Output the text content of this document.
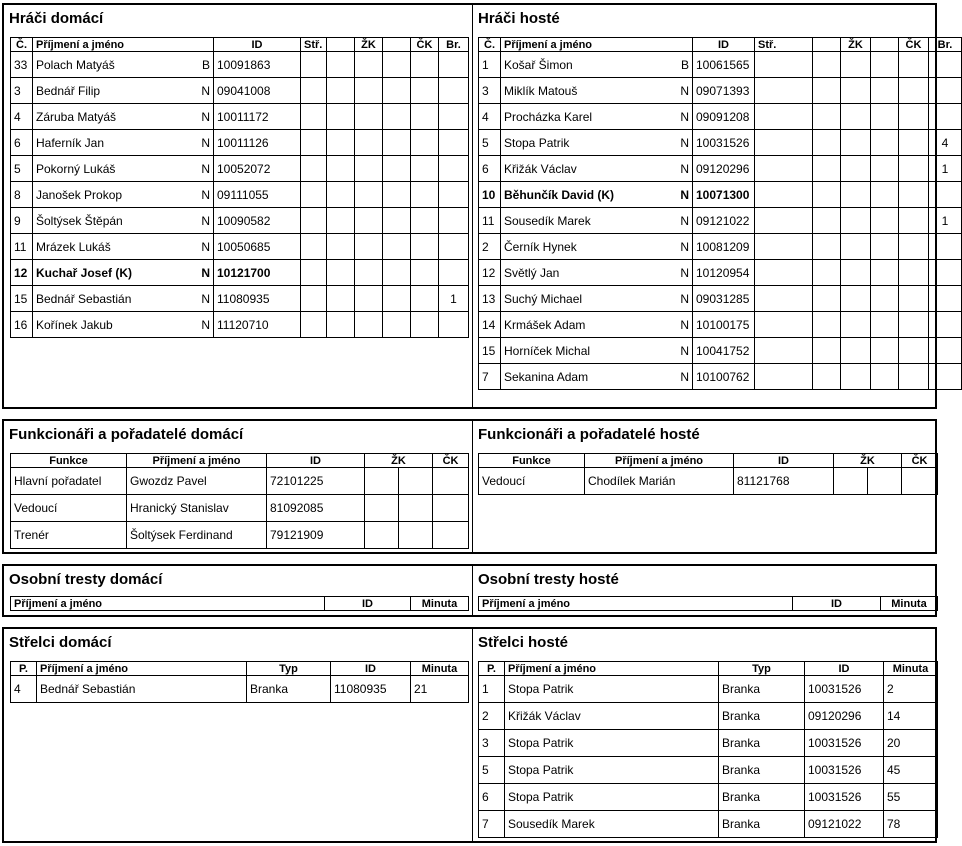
Hráči domácí
Č.	Příjmení a jméno	ID	Stř.		ŽK		ČK	Br.
33	Polach Matyáš B	10091863						
3	Bednář Filip N	09041008						
4	Záruba Matyáš N	10011172						
6	Haferník Jan N	10011126						
5	Pokorný Lukáš N	10052072						
8	Janošek Prokop N	09111055						
9	Šoltýsek Štěpán N	10090582						
11	Mrázek Lukáš N	10050685						
12	Kuchař Josef (K) N	10121700						
15	Bednář Sebastián N	11080935						1
16	Kořínek Jakub N	11120710						
Hráči hosté
Č.	Příjmení a jméno	ID	Stř.		ŽK		ČK	Br.
1	Košař Šimon B	10061565						
3	Miklík Matouš N	09071393						
4	Procházka Karel N	09091208						
5	Stopa Patrik N	10031526						4
6	Křižák Václav N	09120296						1
10	Běhunčík David (K) N	10071300						
11	Sousedík Marek N	09121022						1
2	Černík Hynek N	10081209						
12	Světlý Jan N	10120954						
13	Suchý Michael N	09031285						
14	Krmášek Adam N	10100175						
15	Horníček Michal N	10041752						
7	Sekanina Adam N	10100762						
Funkcionáři a pořadatelé domácí
Funkce	Příjmení a jméno	ID	ŽK		ČK
Hlavní pořadatel	Gwozdz Pavel	72101225			
Vedoucí	Hranický Stanislav	81092085			
Trenér	Šoltýsek Ferdinand	79121909			
Funkcionáři a pořadatelé hosté
Funkce	Příjmení a jméno	ID	ŽK		ČK
Vedoucí	Chodílek Marián	81121768			
Osobní tresty domácí
Příjmení a jméno	ID	Minuta
Osobní tresty hosté
Příjmení a jméno	ID	Minuta
Střelci domácí
P.	Příjmení a jméno	Typ	ID	Minuta
4	Bednář Sebastián	Branka	11080935	21
Střelci hosté
P.	Příjmení a jméno	Typ	ID	Minuta
1	Stopa Patrik	Branka	10031526	2
2	Křižák Václav	Branka	09120296	14
3	Stopa Patrik	Branka	10031526	20
5	Stopa Patrik	Branka	10031526	45
6	Stopa Patrik	Branka	10031526	55
7	Sousedík Marek	Branka	09121022	78
